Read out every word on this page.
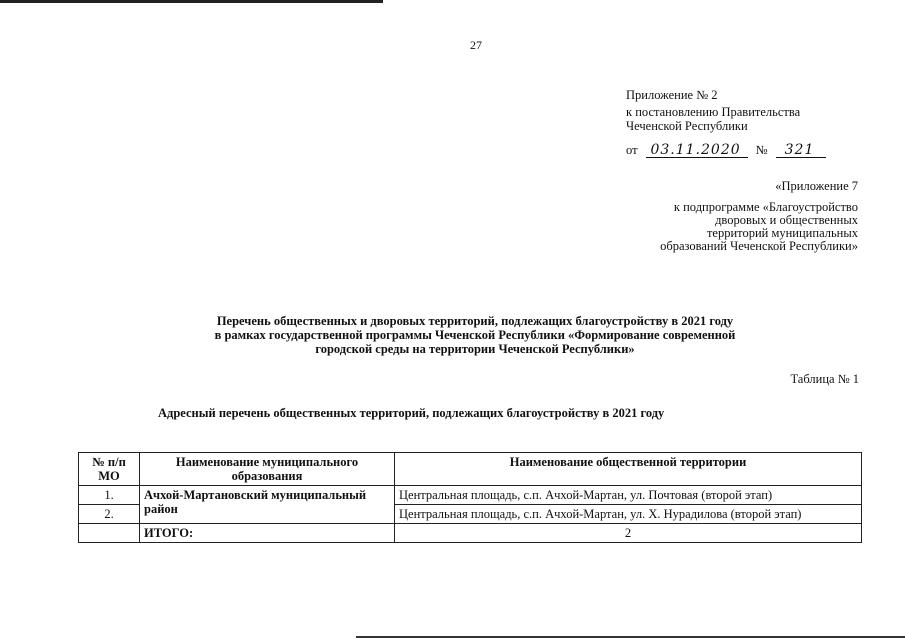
27
Приложение № 2
к постановлению Правительства
Чеченской Республики
от 03.11.2020	№	321
«Приложение 7
к подпрограмме «Благоустройство
дворовых и общественных
территорий муниципальных
образований Чеченской Республики»
Перечень общественных и дворовых территорий, подлежащих благоустройству в 2021 году
в рамках государственной программы Чеченской Республики «Формирование современной
городской среды на территории Чеченской Республики»
Таблица № 1
Адресный перечень общественных территорий, подлежащих благоустройству в 2021 году
№ п/п МО	Наименование муниципального образования	Наименование общественной территории
1.	Ачхой-Мартановский муниципальный район	Центральная площадь, с.п. Ачхой-Мартан, ул. Почтовая (второй этап)
2.		Центральная площадь, с.п. Ачхой-Мартан, ул. Х. Нурадилова (второй этап)
	ИТОГО:	2
